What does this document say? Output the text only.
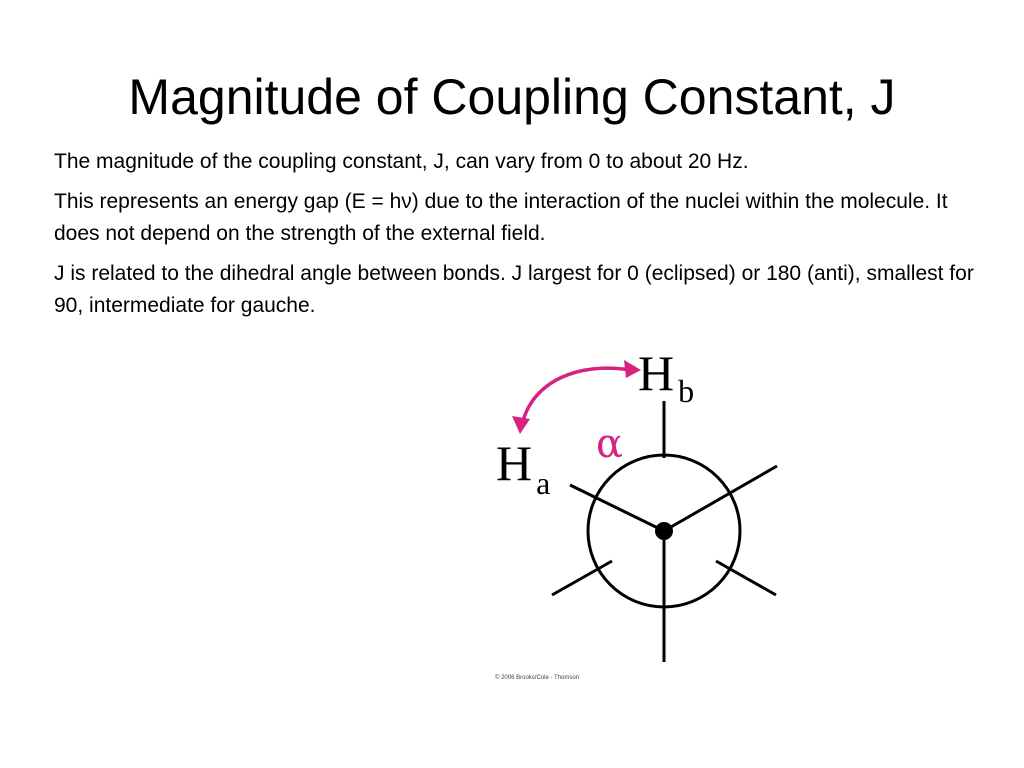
Magnitude of Coupling Constant, J

The magnitude of the coupling constant, J, can vary from 0 to about 20 Hz.

This represents an energy gap (E = hν) due to the interaction of the nuclei within the molecule. It does not depend on the strength of the external field.

J is related to the dihedral angle between bonds. J largest for 0 (eclipsed) or 180 (anti), smallest for 90, intermediate for gauche.

α
H a
H b
© 2006 Brooks/Cole - Thomson
